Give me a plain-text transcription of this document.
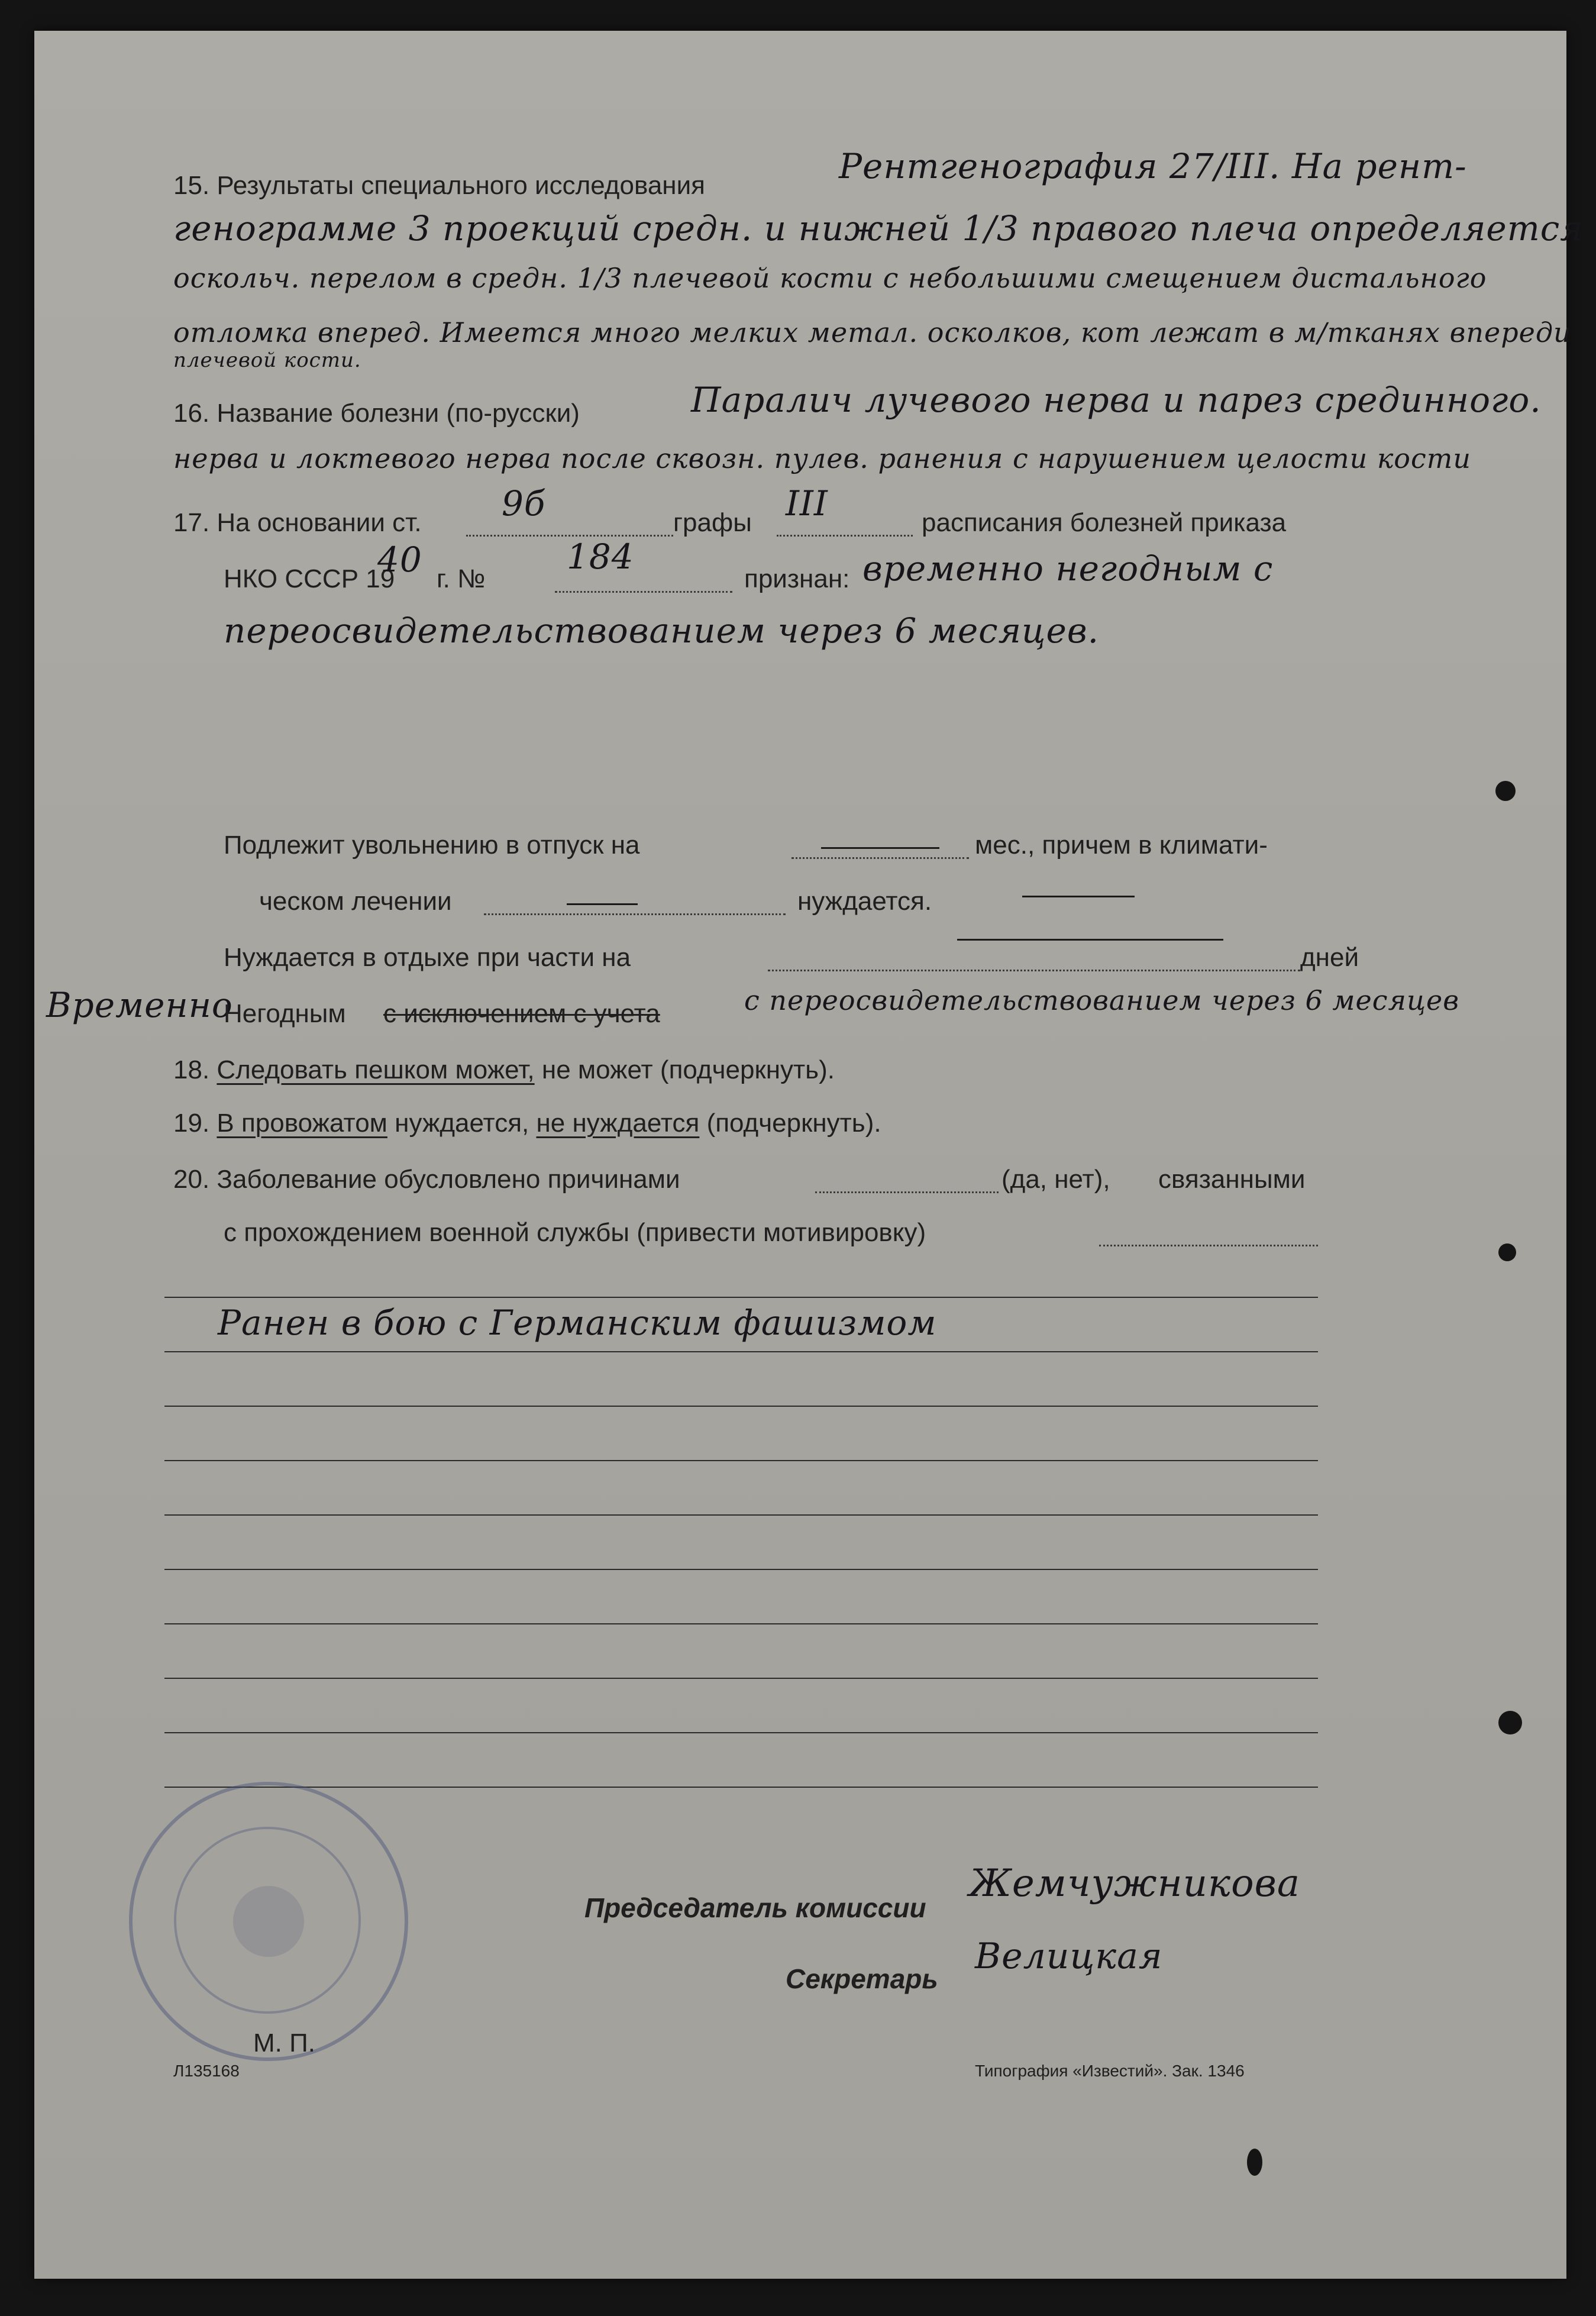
15. Результаты специального исследования	Рентгенография 27/III. На рент-
генограмме 3 проекций средн. и нижней 1/3 правого плеча определяется
оскольч. перелом в средн. 1/3 плечевой кости с небольшими смещением дистального
отломка вперед. Имеется много мелких метал. осколков, кот лежат в м/тканях впереди
плечевой кости.
16. Название болезни (по-русски)	Паралич лучевого нерва и парез срединного.
нерва и локтевого нерва после сквозн. пулев. ранения с нарушением целости кости
17. На основании ст. 9б	графы III	расписания болезней приказа
НКО СССР 19
40 г. №
184
признан: временно негодным с
переосвидетельствованием через 6 месяцев.
Подлежит увольнению в отпуск на	мес., причем в климати-
ческом лечении	нуждается.
Нуждается в отдыхе при части на	дней
Временно
Негодным с исключением с учета	с переосвидетельствованием через 6 месяцев
18. Следовать пешком может, не может (подчеркнуть).
19. В провожатом нуждается, не нуждается (подчеркнуть).
20. Заболевание обусловлено причинами	(да, нет), связанными
с прохождением военной службы (привести мотивировку)
Ранен в бою с Германским фашизмом
Председатель комиссии
Жемчужникова
Секретарь
Велицкая
М. П.
Л135168	Типография «Известий». Зак. 1346
